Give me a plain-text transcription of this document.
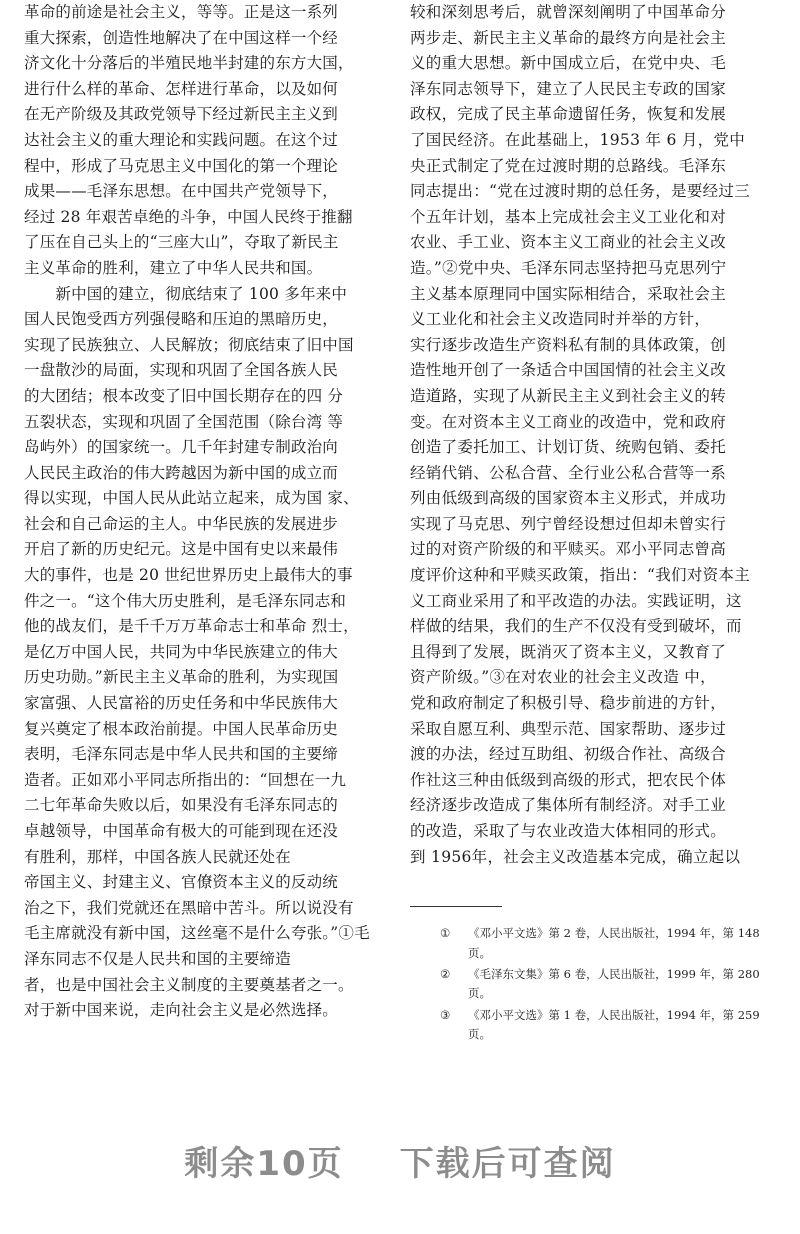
革命的前途是社会主义，等等。正是这一系列
重大探索，创造性地解决了在中国这样一个经
济文化十分落后的半殖民地半封建的东方大国，
进行什么样的革命、怎样进行革命，以及如何
在无产阶级及其政党领导下经过新民主主义到
达社会主义的重大理论和实践问题。在这个过
程中，形成了马克思主义中国化的第一个理论
成果——毛泽东思想。在中国共产党领导下，
经过 28 年艰苦卓绝的斗争，中国人民终于推翻
了压在自己头上的“三座大山”，夺取了新民主
主义革命的胜利，建立了中华人民共和国。
　　新中国的建立，彻底结束了 100 多年来中
国人民饱受西方列强侵略和压迫的黑暗历史，
实现了民族独立、人民解放；彻底结束了旧中国
一盘散沙的局面，实现和巩固了全国各族人民
的大团结；根本改变了旧中国长期存在的四 分
五裂状态，实现和巩固了全国范围（除台湾 等
岛屿外）的国家统一。几千年封建专制政治向
人民民主政治的伟大跨越因为新中国的成立而
得以实现，中国人民从此站立起来，成为国 家、
社会和自己命运的主人。中华民族的发展进步
开启了新的历史纪元。这是中国有史以来最伟
大的事件，也是 20 世纪世界历史上最伟大的事
件之一。“这个伟大历史胜利，是毛泽东同志和
他的战友们，是千千万万革命志士和革命 烈士，
是亿万中国人民，共同为中华民族建立的伟大
历史功勋。”新民主主义革命的胜利，为实现国
家富强、人民富裕的历史任务和中华民族伟大
复兴奠定了根本政治前提。中国人民革命历史
表明，毛泽东同志是中华人民共和国的主要缔
造者。正如邓小平同志所指出的：“回想在一九
二七年革命失败以后，如果没有毛泽东同志的
卓越领导，中国革命有极大的可能到现在还没
有胜利，那样，中国各族人民就还处在
帝国主义、封建主义、官僚资本主义的反动统
治之下，我们党就还在黑暗中苦斗。所以说没有
毛主席就没有新中国，这丝毫不是什么夸张。”①毛
泽东同志不仅是人民共和国的主要缔造
者，也是中国社会主义制度的主要奠基者之一。
对于新中国来说，走向社会主义是必然选择。
较和深刻思考后，就曾深刻阐明了中国革命分
两步走、新民主主义革命的最终方向是社会主
义的重大思想。新中国成立后，在党中央、毛
泽东同志领导下，建立了人民民主专政的国家
政权，完成了民主革命遗留任务，恢复和发展
了国民经济。在此基础上，1953 年 6 月，党中
央正式制定了党在过渡时期的总路线。毛泽东
同志提出：“党在过渡时期的总任务，是要经过三
个五年计划，基本上完成社会主义工业化和对
农业、手工业、资本主义工商业的社会主义改
造。”②党中央、毛泽东同志坚持把马克思列宁
主义基本原理同中国实际相结合，采取社会主
义工业化和社会主义改造同时并举的方针，
实行逐步改造生产资料私有制的具体政策，创
造性地开创了一条适合中国国情的社会主义改
造道路，实现了从新民主主义到社会主义的转
变。在对资本主义工商业的改造中，党和政府
创造了委托加工、计划订货、统购包销、委托
经销代销、公私合营、全行业公私合营等一系
列由低级到高级的国家资本主义形式，并成功
实现了马克思、列宁曾经设想过但却未曾实行
过的对资产阶级的和平赎买。邓小平同志曾高
度评价这种和平赎买政策，指出：“我们对资本主
义工商业采用了和平改造的办法。实践证明，这
样做的结果，我们的生产不仅没有受到破坏，而
且得到了发展，既消灭了资本主义，又教育了
资产阶级。”③在对农业的社会主义改造 中，
党和政府制定了积极引导、稳步前进的方针，
采取自愿互利、典型示范、国家帮助、逐步过
渡的办法，经过互助组、初级合作社、高级合
作社这三种由低级到高级的形式，把农民个体
经济逐步改造成了集体所有制经济。对手工业
的改造，采取了与农业改造大体相同的形式。
到 1956年，社会主义改造基本完成，确立起以
① 《邓小平文选》第 2 卷，人民出版社，1994 年，第 148 页。
② 《毛泽东文集》第 6 卷，人民出版社，1999 年，第 280 页。
③ 《邓小平文选》第 1 卷，人民出版社，1994 年，第 259 页。
剩余10页 下载后可查阅
